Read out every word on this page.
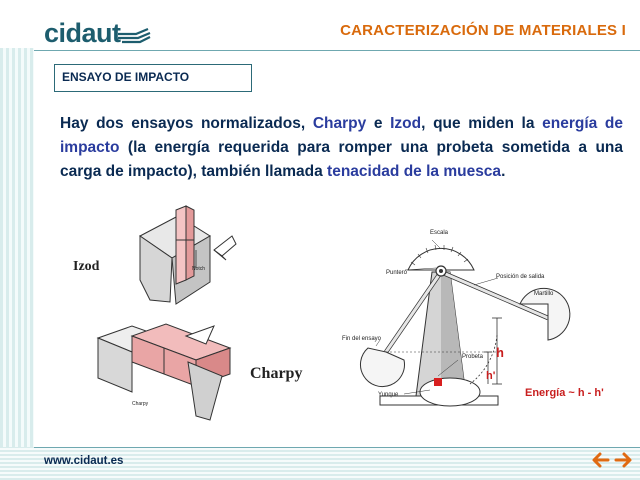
cidaut	CARACTERIZACIÓN DE MATERIALES I
ENSAYO DE IMPACTO
Hay dos ensayos normalizados, Charpy e Izod, que miden la energía de impacto (la energía requerida para romper una probeta sometida a una carga de impacto), también llamada tenacidad de la muesca.
Izod	Notch
Charpy
Charpy
Escala
Puntero
Posición de salida
Martillo
Fin del ensayo
Probeta
Yunque
h
h'
Energía ~ h - h'
www.cidaut.es
